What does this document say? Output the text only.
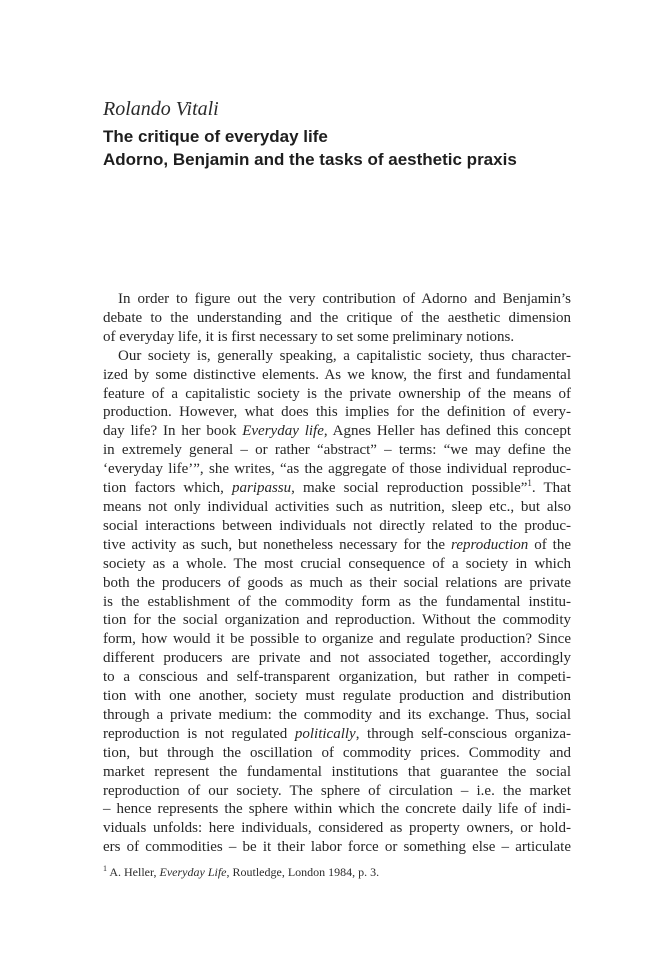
Rolando Vitali
The critique of everyday life
Adorno, Benjamin and the tasks of aesthetic praxis
In order to figure out the very contribution of Adorno and Benjamin’s
debate to the understanding and the critique of the aesthetic dimension
of everyday life, it is first necessary to set some preliminary notions.
Our society is, generally speaking, a capitalistic society, thus character-
ized by some distinctive elements. As we know, the first and fundamental
feature of a capitalistic society is the private ownership of the means of
production. However, what does this implies for the definition of every-
day life? In her book Everyday life, Agnes Heller has defined this concept
in extremely general – or rather “abstract” – terms: “we may define the
‘everyday life’”, she writes, “as the aggregate of those individual reproduc-
tion factors which, paripassu, make social reproduction possible”$^1$. That
means not only individual activities such as nutrition, sleep etc., but also
social interactions between individuals not directly related to the produc-
tive activity as such, but nonetheless necessary for the reproduction of the
society as a whole. The most crucial consequence of a society in which
both the producers of goods as much as their social relations are private
is the establishment of the commodity form as the fundamental institu-
tion for the social organization and reproduction. Without the commodity
form, how would it be possible to organize and regulate production? Since
different producers are private and not associated together, accordingly
to a conscious and self-transparent organization, but rather in competi-
tion with one another, society must regulate production and distribution
through a private medium: the commodity and its exchange. Thus, social
reproduction is not regulated politically, through self-conscious organiza-
tion, but through the oscillation of commodity prices. Commodity and
market represent the fundamental institutions that guarantee the social
reproduction of our society. The sphere of circulation – i.e. the market
– hence represents the sphere within which the concrete daily life of indi-
viduals unfolds: here individuals, considered as property owners, or hold-
ers of commodities – be it their labor force or something else – articulate
$^1$ A. Heller, Everyday Life, Routledge, London 1984, p. 3.
